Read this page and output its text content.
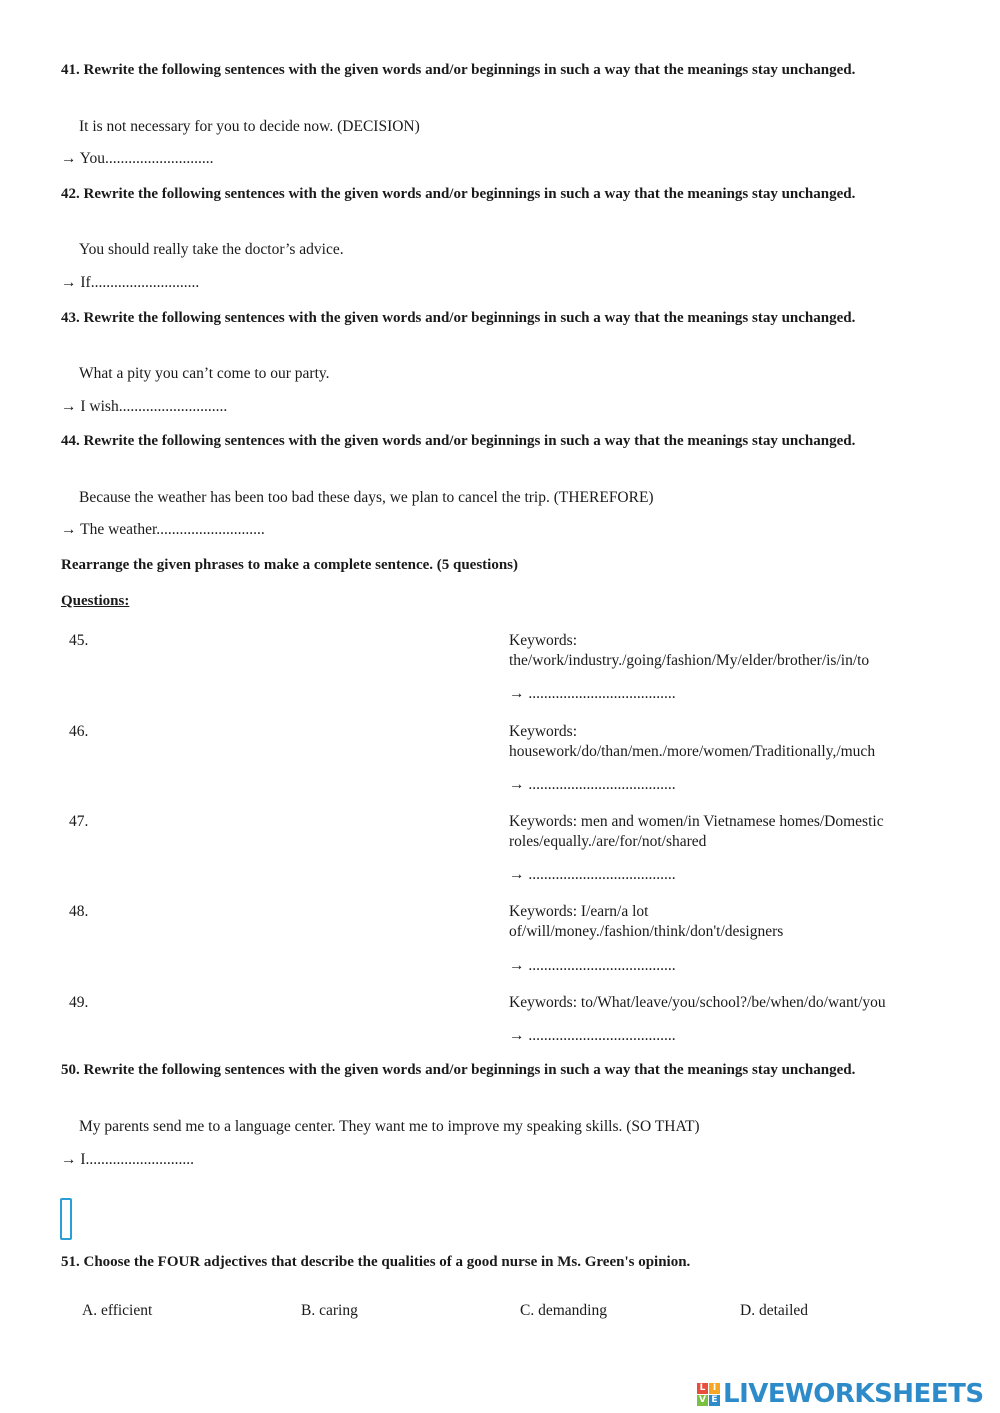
41. Rewrite the following sentences with the given words and/or beginnings in such a way that the meanings stay unchanged.
It is not necessary for you to decide now. (DECISION)
→ You............................
42. Rewrite the following sentences with the given words and/or beginnings in such a way that the meanings stay unchanged.
You should really take the doctor’s advice.
→ If............................
43. Rewrite the following sentences with the given words and/or beginnings in such a way that the meanings stay unchanged.
What a pity you can’t come to our party.
→ I wish............................
44. Rewrite the following sentences with the given words and/or beginnings in such a way that the meanings stay unchanged.
Because the weather has been too bad these days, we plan to cancel the trip. (THEREFORE)
→ The weather............................
Rearrange the given phrases to make a complete sentence. (5 questions)
Questions:
45.	Keywords: the/work/industry./going/fashion/My/elder/brother/is/in/to
→ ......................................
46.	Keywords: housework/do/than/men./more/women/Traditionally,/much
→ ......................................
47.	Keywords: men and women/in Vietnamese homes/Domestic roles/equally./are/for/not/shared
→ ......................................
48.	Keywords: I/earn/a lot of/will/money./fashion/think/don't/designers
→ ......................................
49.	Keywords: to/What/leave/you/school?/be/when/do/want/you
→ ......................................
50. Rewrite the following sentences with the given words and/or beginnings in such a way that the meanings stay unchanged.
My parents send me to a language center. They want me to improve my speaking skills. (SO THAT)
→ I............................
51. Choose the FOUR adjectives that describe the qualities of a good nurse in Ms. Green's opinion.
A. efficient	B. caring	C. demanding	D. detailed
L I
V E LIVEWORKSHEETS
